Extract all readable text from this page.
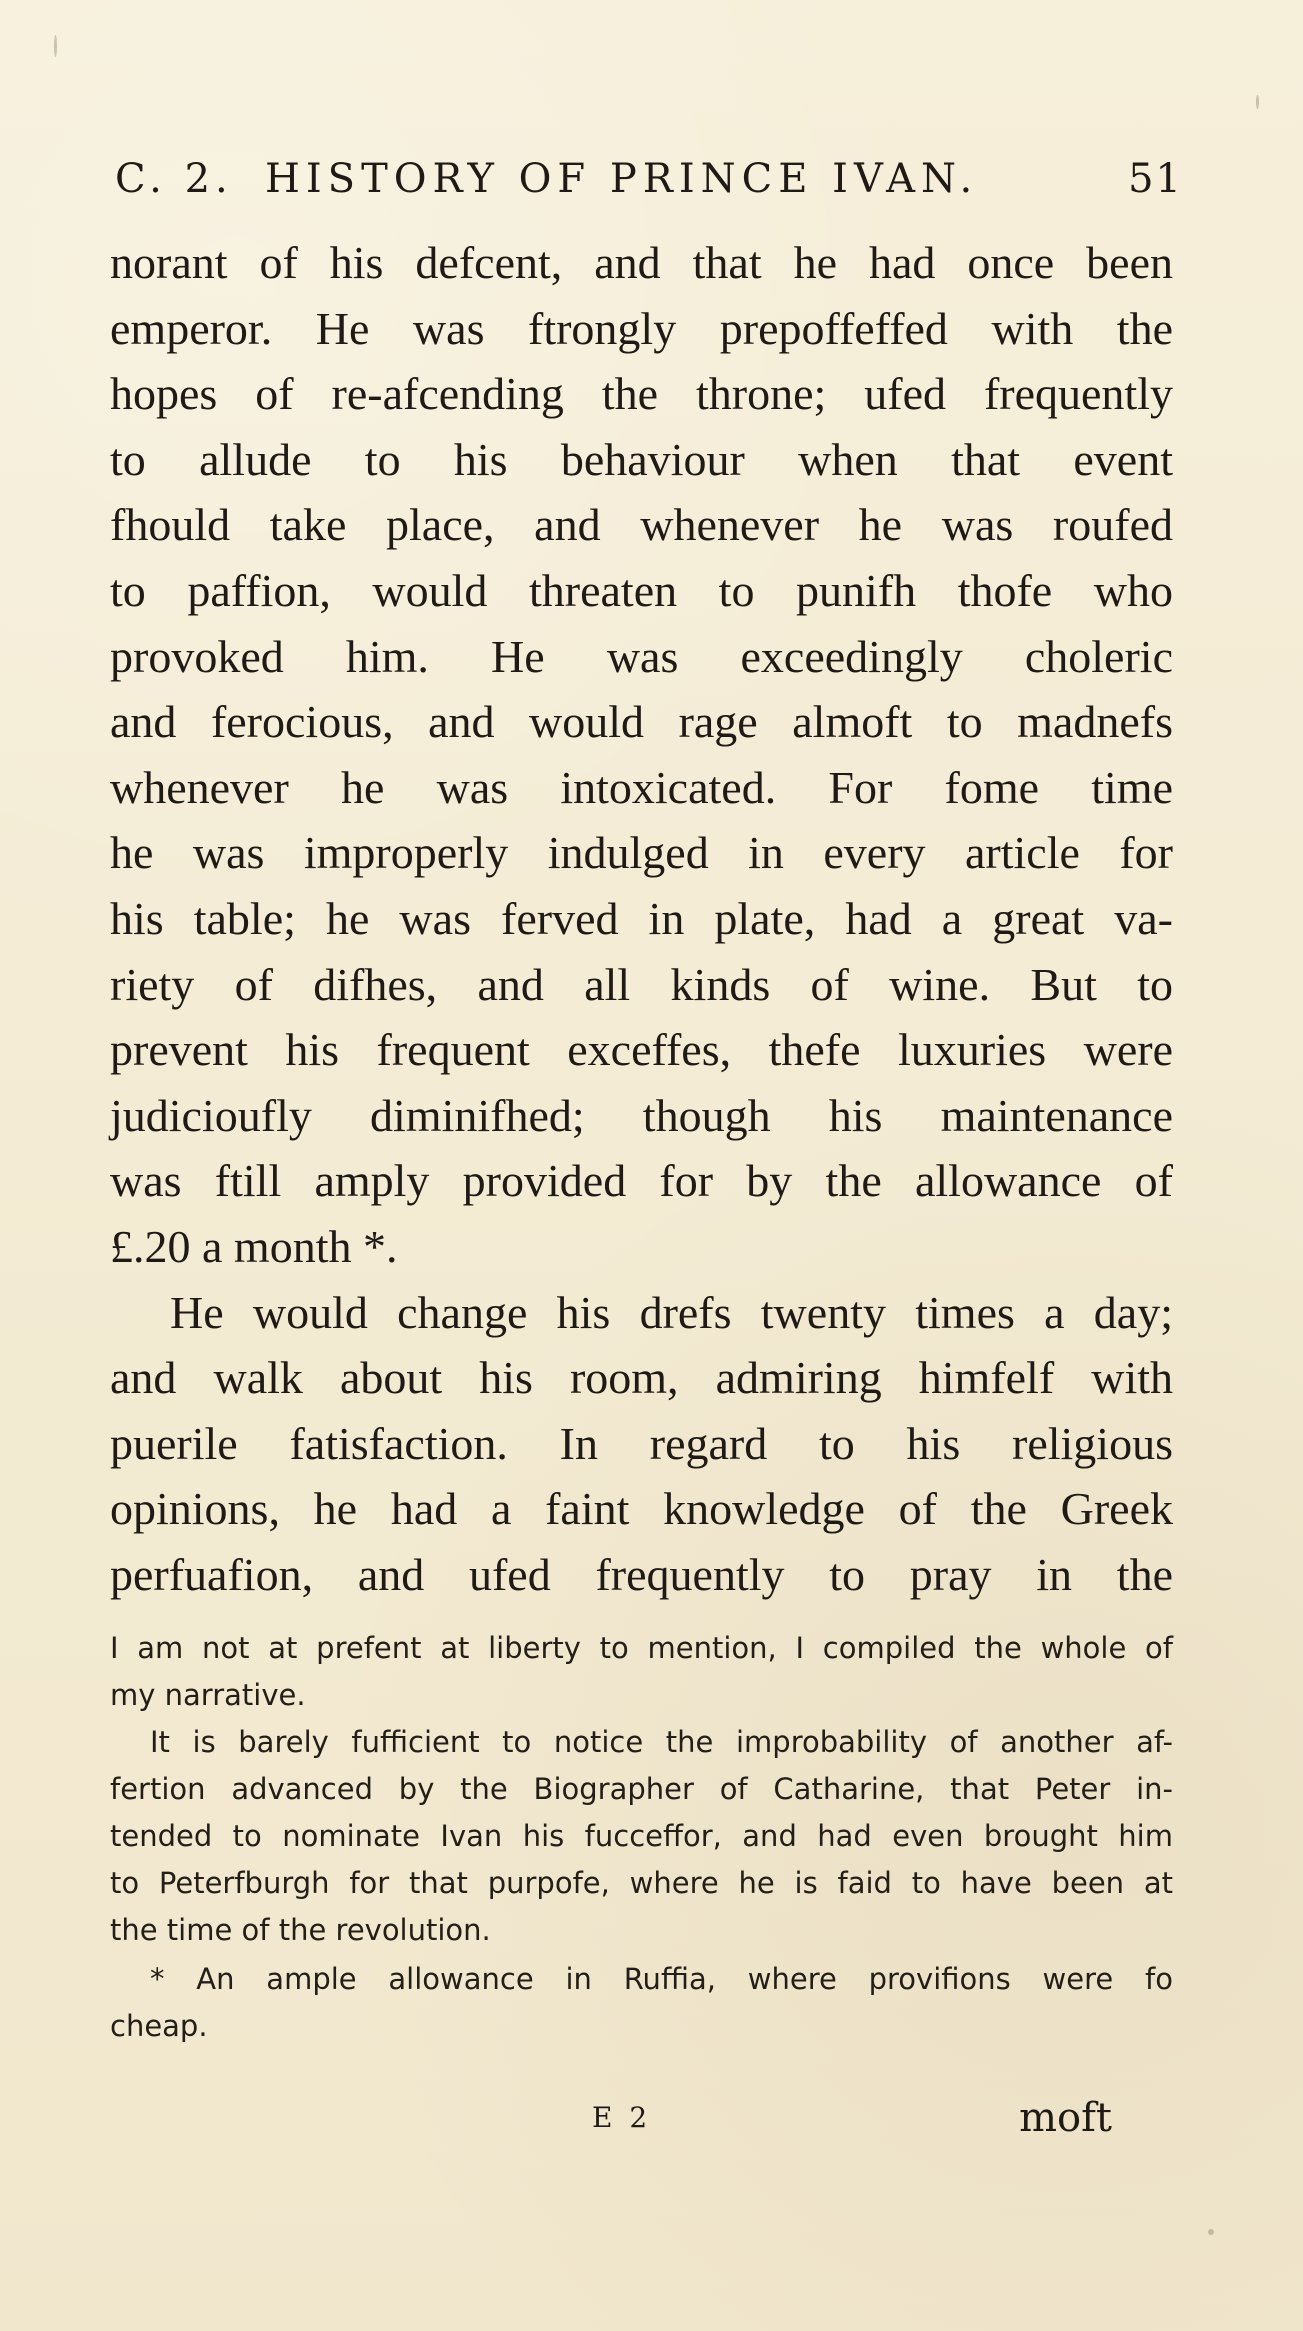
C. 2. HISTORY OF PRINCE IVAN.	51
norant of his defcent, and that he had once been
emperor. He was ftrongly prepoffeffed with the
hopes of re-afcending the throne; ufed frequently
to allude to his behaviour when that event
fhould take place, and whenever he was roufed
to paffion, would threaten to punifh thofe who
provoked him. He was exceedingly choleric
and ferocious, and would rage almoft to madnefs
whenever he was intoxicated. For fome time
he was improperly indulged in every article for
his table; he was ferved in plate, had a great va-
riety of difhes, and all kinds of wine. But to
prevent his frequent exceffes, thefe luxuries were
judicioufly diminifhed; though his maintenance
was ftill amply provided for by the allowance of
£.20 a month *.
He would change his drefs twenty times a day;
and walk about his room, admiring himfelf with
puerile fatisfaction. In regard to his religious
opinions, he had a faint knowledge of the Greek
perfuafion, and ufed frequently to pray in the
I am not at prefent at liberty to mention, I compiled the whole of
my narrative.
It is barely fufficient to notice the improbability of another af-
fertion advanced by the Biographer of Catharine, that Peter in-
tended to nominate Ivan his fucceffor, and had even brought him
to Peterfburgh for that purpofe, where he is faid to have been at
the time of the revolution.
* An ample allowance in Ruffia, where provifions were fo
cheap.
E 2	moft
